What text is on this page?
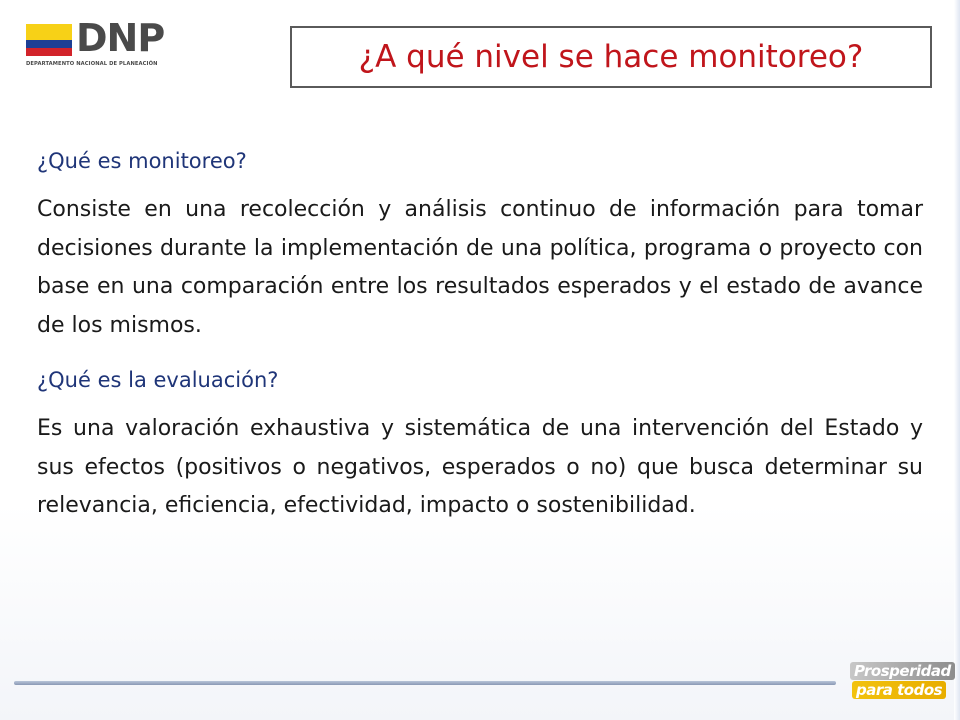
DNP
DEPARTAMENTO NACIONAL DE PLANEACIÓN	¿A qué nivel se hace monitoreo?

¿Qué es monitoreo?

Consiste en una recolección y análisis continuo de información para tomar decisiones durante la implementación de una política, programa o proyecto con base en una comparación entre los resultados esperados y el estado de avance de los mismos.

¿Qué es la evaluación?

Es una valoración exhaustiva y sistemática de una intervención del Estado y sus efectos (positivos o negativos, esperados o no) que busca determinar su relevancia, eficiencia, efectividad, impacto o sostenibilidad.

Prosperidad
para todos
